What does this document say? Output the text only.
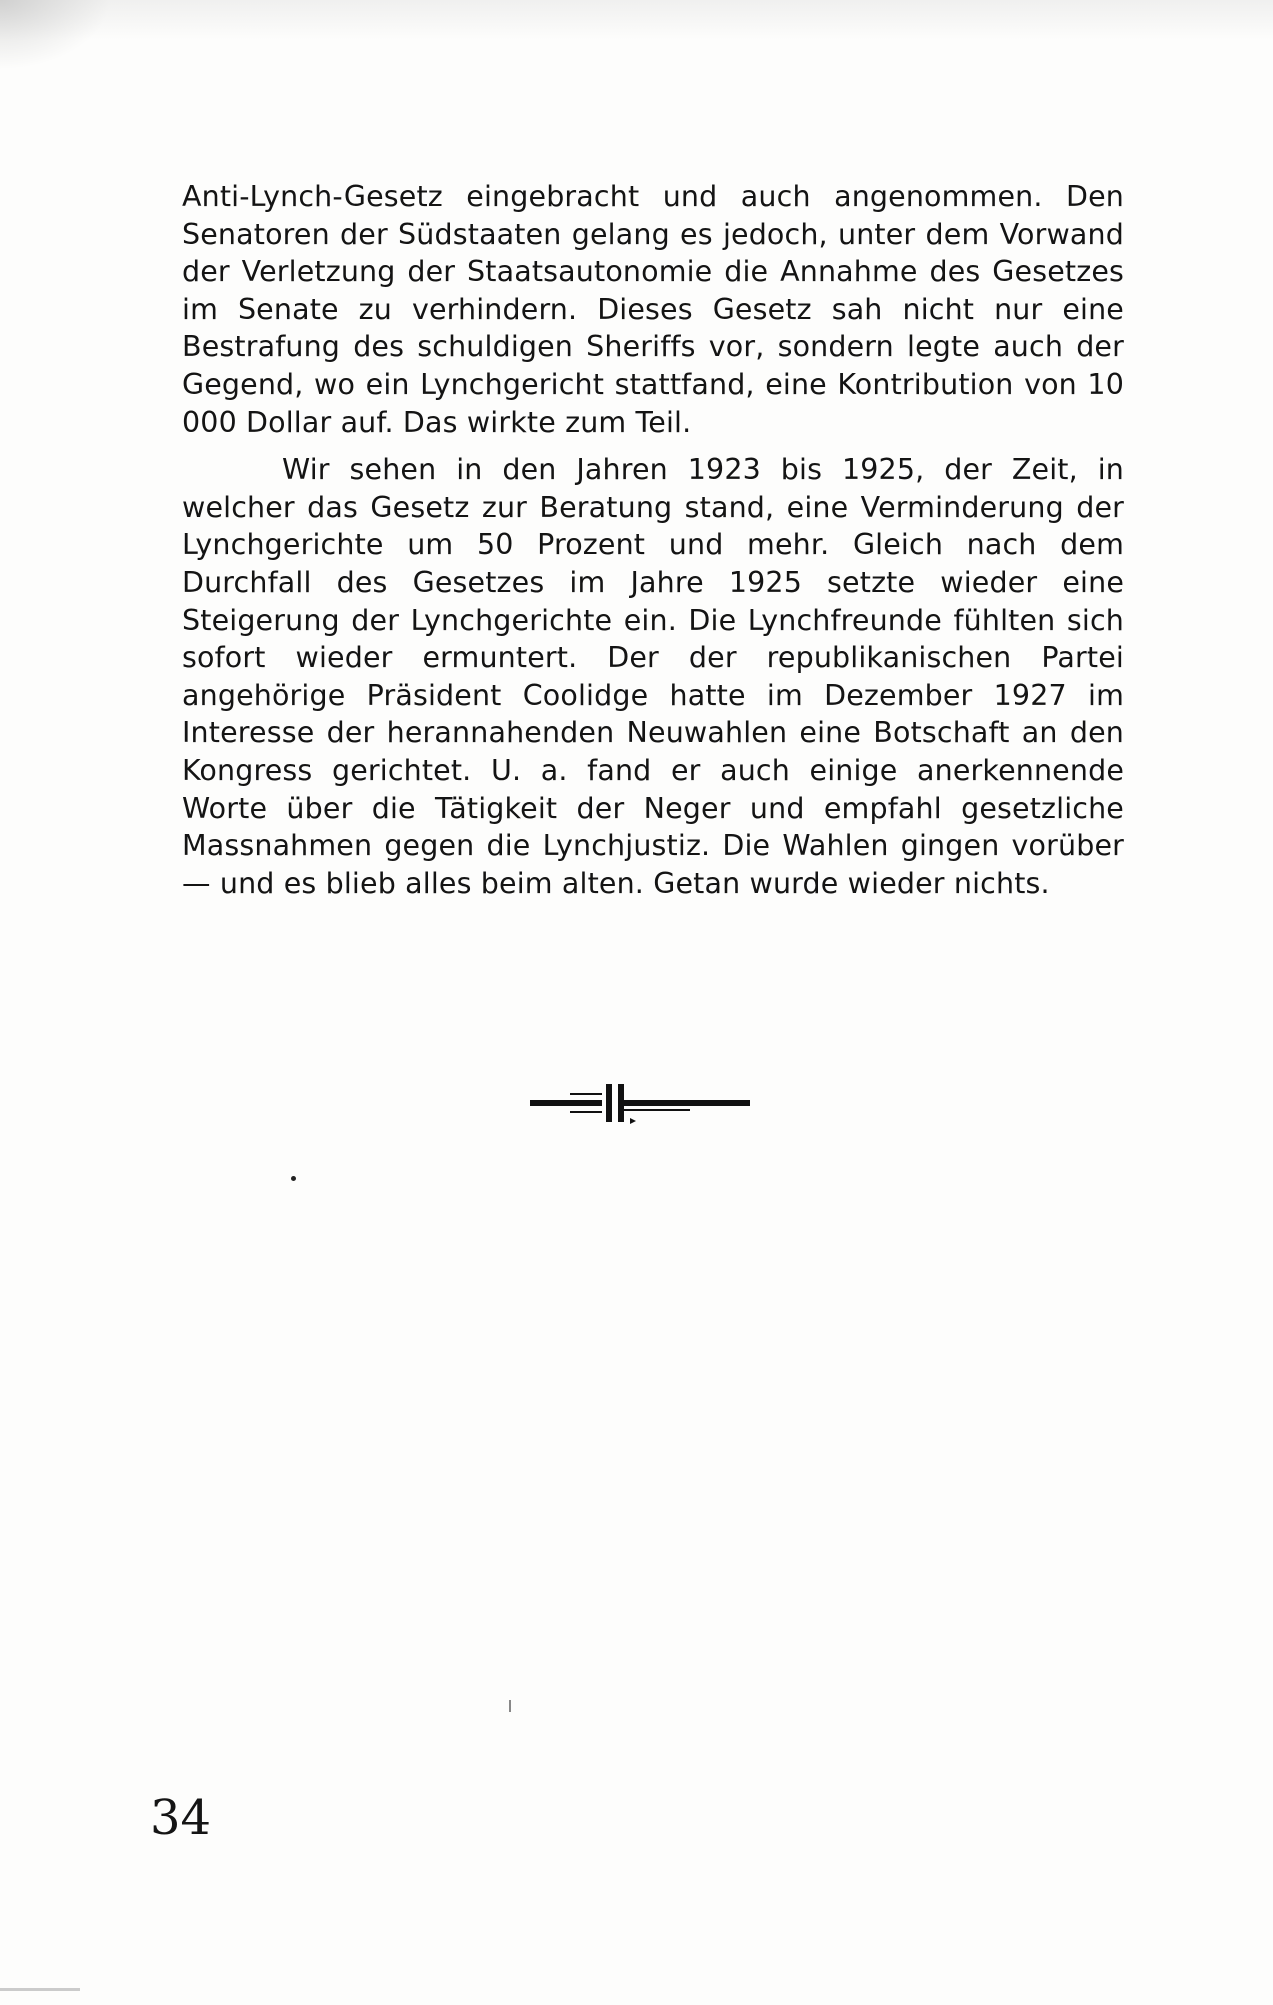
Anti-Lynch-Gesetz eingebracht und auch angenommen. Den Senatoren der Südstaaten gelang es jedoch, unter dem Vorwand der Verletzung der Staatsautonomie die Annahme des Gesetzes im Senate zu verhindern. Dieses Gesetz sah nicht nur eine Bestrafung des schuldigen Sheriffs vor, sondern legte auch der Gegend, wo ein Lynchgericht stattfand, eine Kontribution von 10 000 Dollar auf. Das wirkte zum Teil.

Wir sehen in den Jahren 1923 bis 1925, der Zeit, in welcher das Gesetz zur Beratung stand, eine Verminderung der Lynchgerichte um 50 Prozent und mehr. Gleich nach dem Durchfall des Gesetzes im Jahre 1925 setzte wieder eine Steigerung der Lynchgerichte ein. Die Lynchfreunde fühlten sich sofort wieder ermuntert. Der der republikanischen Partei angehörige Präsident Coolidge hatte im Dezember 1927 im Interesse der herannahenden Neuwahlen eine Botschaft an den Kongress gerichtet. U. a. fand er auch einige anerkennende Worte über die Tätigkeit der Neger und empfahl gesetzliche Massnahmen gegen die Lynchjustiz. Die Wahlen gingen vorüber — und es blieb alles beim alten. Getan wurde wieder nichts.

34
